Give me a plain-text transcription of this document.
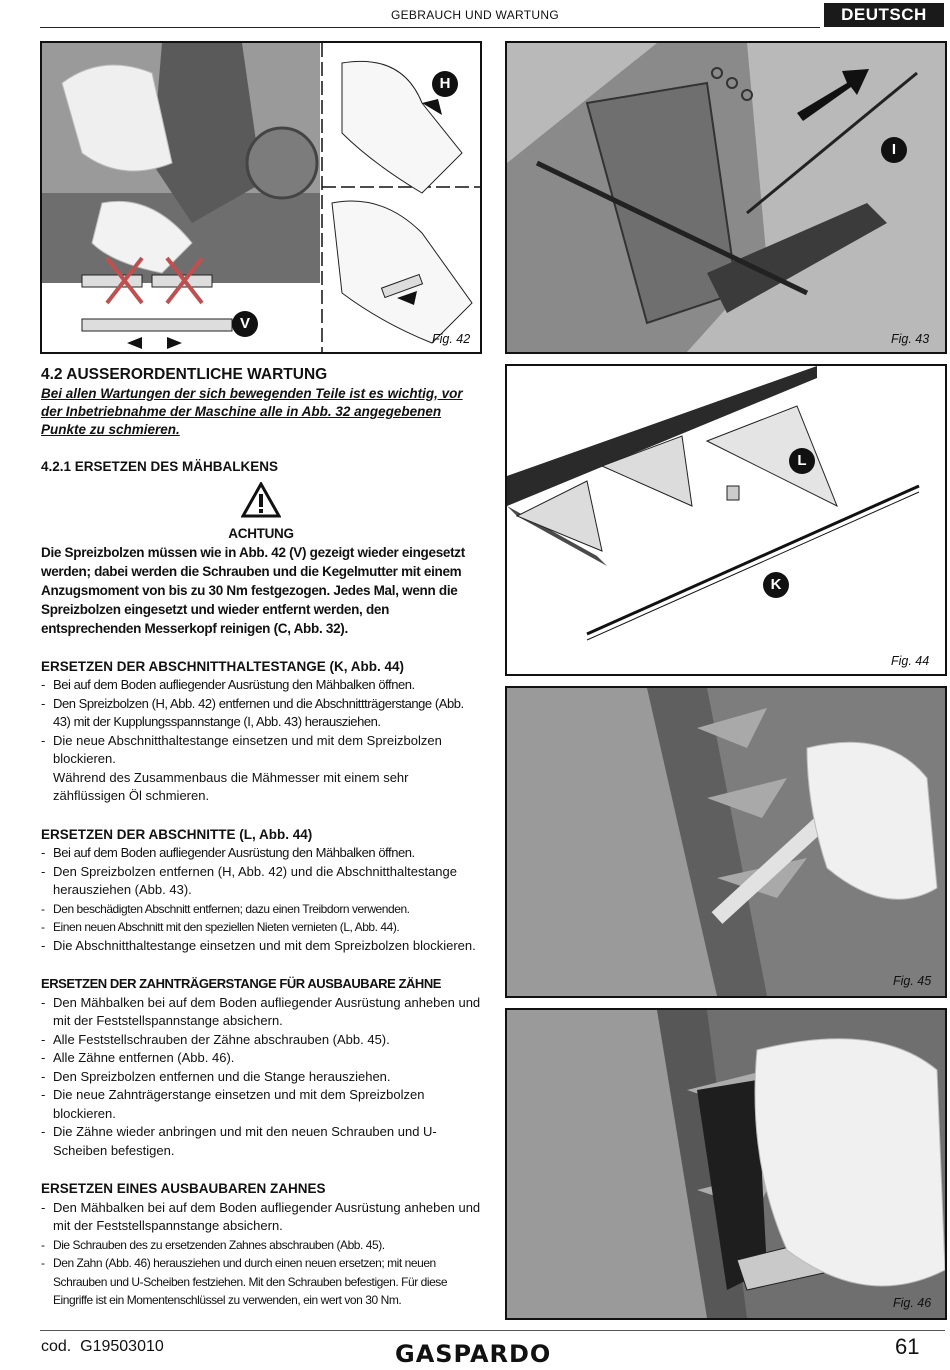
GEBRAUCH UND WARTUNG	DEUTSCH
H
V
Fig. 42
I
Fig. 43
L
K
Fig. 44
Fig. 45
Fig. 46
4.2 AUSSERORDENTLICHE WARTUNG
Bei allen Wartungen der sich bewegenden Teile ist es wichtig, vor der Inbetriebnahme der Maschine alle in Abb. 32 angegebenen Punkte zu schmieren.
4.2.1 ERSETZEN DES MÄHBALKENS
ACHTUNG
Die Spreizbolzen müssen wie in Abb. 42 (V) gezeigt wieder eingesetzt werden; dabei werden die Schrauben und die Kegelmutter mit einem Anzugsmoment von bis zu 30 Nm festgezogen. Jedes Mal, wenn die Spreizbolzen eingesetzt und wieder entfernt werden, den entsprechenden Messerkopf reinigen (C, Abb. 32).
ERSETZEN DER ABSCHNITTHALTESTANGE (K, Abb. 44)
- Bei auf dem Boden aufliegender Ausrüstung den Mähbalken öffnen.
- Den Spreizbolzen (H, Abb. 42) entfernen und die Abschnittträgerstange (Abb. 43) mit der Kupplungsspannstange (I, Abb. 43) herausziehen.
- Die neue Abschnitthaltestange einsetzen und mit dem Spreizbolzen blockieren.
Während des Zusammenbaus die Mähmesser mit einem sehr zähflüssigen Öl schmieren.
ERSETZEN DER ABSCHNITTE (L, Abb. 44)
- Bei auf dem Boden aufliegender Ausrüstung den Mähbalken öffnen.
- Den Spreizbolzen entfernen (H, Abb. 42) und die Abschnitthaltestange herausziehen (Abb. 43).
- Den beschädigten Abschnitt entfernen; dazu einen Treibdorn verwenden.
- Einen neuen Abschnitt mit den speziellen Nieten vernieten (L, Abb. 44).
- Die Abschnitthaltestange einsetzen und mit dem Spreizbolzen blockieren.
ERSETZEN DER ZAHNTRÄGERSTANGE FÜR AUSBAUBARE ZÄHNE
- Den Mähbalken bei auf dem Boden aufliegender Ausrüstung anheben und mit der Feststellspannstange absichern.
- Alle Feststellschrauben der Zähne abschrauben (Abb. 45).
- Alle Zähne entfernen (Abb. 46).
- Den Spreizbolzen entfernen und die Stange herausziehen.
- Die neue Zahnträgerstange einsetzen und mit dem Spreizbolzen blockieren.
- Die Zähne wieder anbringen und mit den neuen Schrauben und U-Scheiben befestigen.
ERSETZEN EINES AUSBAUBAREN ZAHNES
- Den Mähbalken bei auf dem Boden aufliegender Ausrüstung anheben und mit der Feststellspannstange absichern.
- Die Schrauben des zu ersetzenden Zahnes abschrauben (Abb. 45).
- Den Zahn (Abb. 46) herausziehen und durch einen neuen ersetzen; mit neuen Schrauben und U-Scheiben festziehen. Mit den Schrauben befestigen. Für diese Eingriffe ist ein Momentenschlüssel zu verwenden, ein wert von 30 Nm.
cod.  G19503010	GASPARDO	61
